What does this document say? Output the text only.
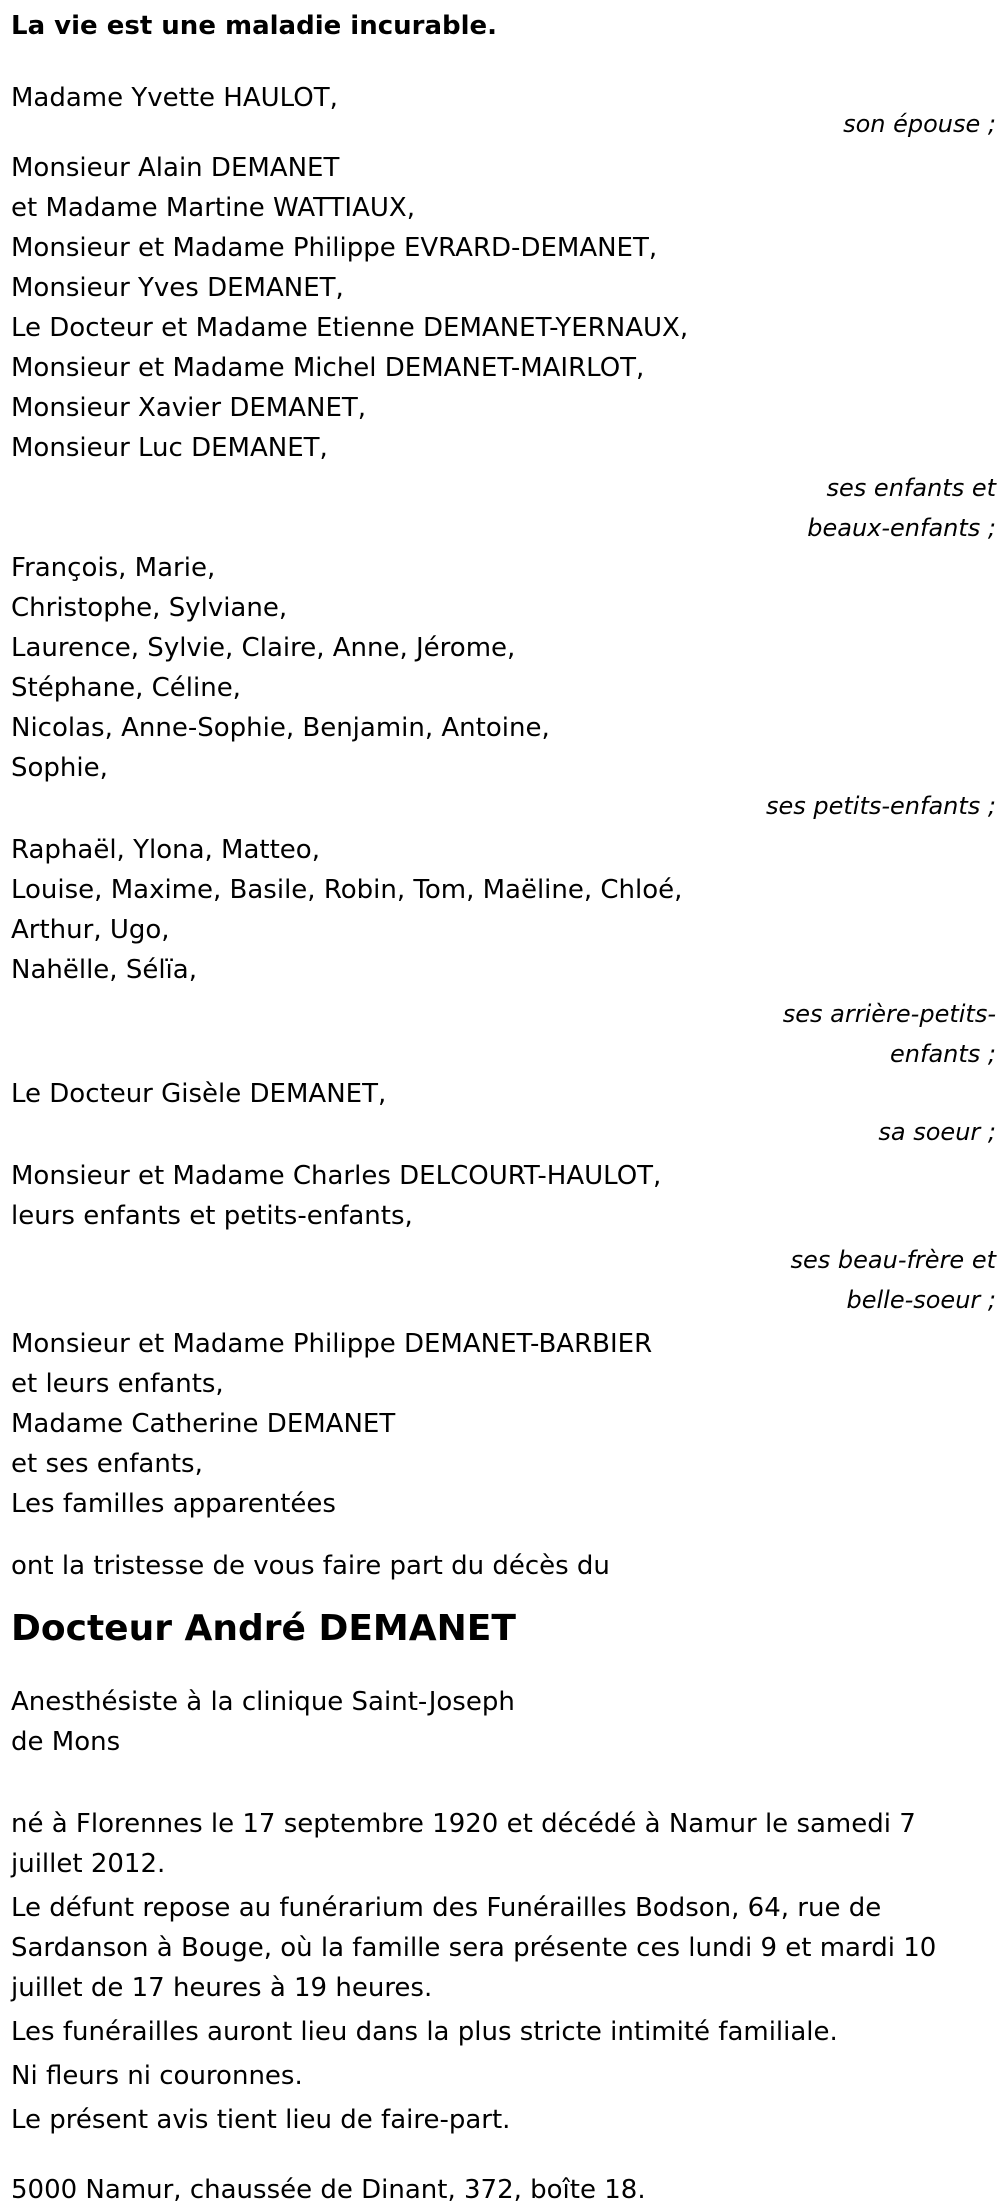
La vie est une maladie incurable.
Madame Yvette HAULOT,
son épouse ;
Monsieur Alain DEMANET
et Madame Martine WATTIAUX,
Monsieur et Madame Philippe EVRARD-DEMANET,
Monsieur Yves DEMANET,
Le Docteur et Madame Etienne DEMANET-YERNAUX,
Monsieur et Madame Michel DEMANET-MAIRLOT,
Monsieur Xavier DEMANET,
Monsieur Luc DEMANET,
ses enfants et
beaux-enfants ;
François, Marie,
Christophe, Sylviane,
Laurence, Sylvie, Claire, Anne, Jérome,
Stéphane, Céline,
Nicolas, Anne-Sophie, Benjamin, Antoine,
Sophie,
ses petits-enfants ;
Raphaël, Ylona, Matteo,
Louise, Maxime, Basile, Robin, Tom, Maëline, Chloé,
Arthur, Ugo,
Nahëlle, Sélïa,
ses arrière-petits-
enfants ;
Le Docteur Gisèle DEMANET,
sa soeur ;
Monsieur et Madame Charles DELCOURT-HAULOT,
leurs enfants et petits-enfants,
ses beau-frère et
belle-soeur ;
Monsieur et Madame Philippe DEMANET-BARBIER
et leurs enfants,
Madame Catherine DEMANET
et ses enfants,
Les familles apparentées
ont la tristesse de vous faire part du décès du
Docteur André DEMANET
Anesthésiste à la clinique Saint-Joseph
de Mons
né à Florennes le 17 septembre 1920 et décédé à Namur le samedi 7 juillet 2012.
Le défunt repose au funérarium des Funérailles Bodson, 64, rue de Sardanson à Bouge, où la famille sera présente ces lundi 9 et mardi 10 juillet de 17 heures à 19 heures.
Les funérailles auront lieu dans la plus stricte intimité familiale.
Ni fleurs ni couronnes.
Le présent avis tient lieu de faire-part.
5000 Namur, chaussée de Dinant, 372, boîte 18.
